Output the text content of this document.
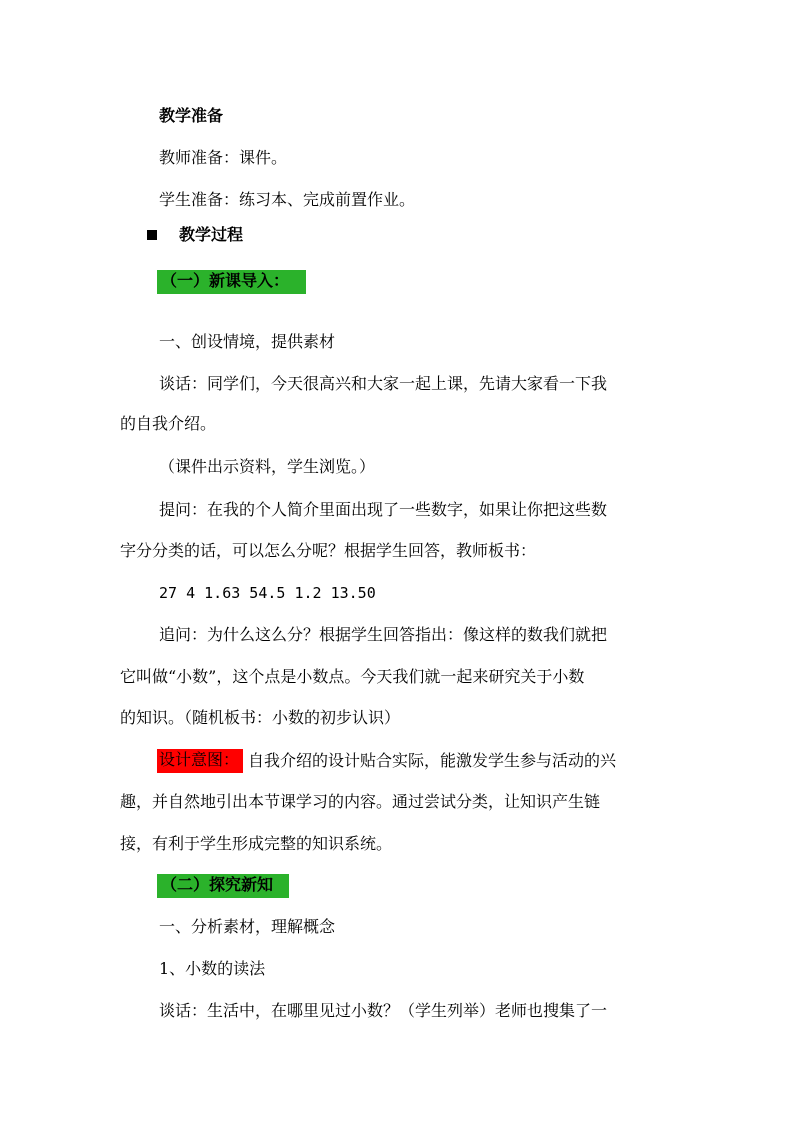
教学准备
教师准备：课件。
学生准备：练习本、完成前置作业。
教学过程
（一）新课导入：
一、创设情境，提供素材
谈话：同学们，今天很高兴和大家一起上课，先请大家看一下我
的自我介绍。
（课件出示资料，学生浏览。）
提问：在我的个人简介里面出现了一些数字，如果让你把这些数
字分分类的话，可以怎么分呢？根据学生回答，教师板书：
27 4 1.63 54.5 1.2 13.50
追问：为什么这么分？根据学生回答指出：像这样的数我们就把
它叫做“小数”，这个点是小数点。今天我们就一起来研究关于小数
的知识。（随机板书：小数的初步认识）
设计意图： 自我介绍的设计贴合实际，能激发学生参与活动的兴
趣，并自然地引出本节课学习的内容。通过尝试分类，让知识产生链
接，有利于学生形成完整的知识系统。
（二）探究新知
一、分析素材，理解概念
1、小数的读法
谈话：生活中，在哪里见过小数？（学生列举）老师也搜集了一
